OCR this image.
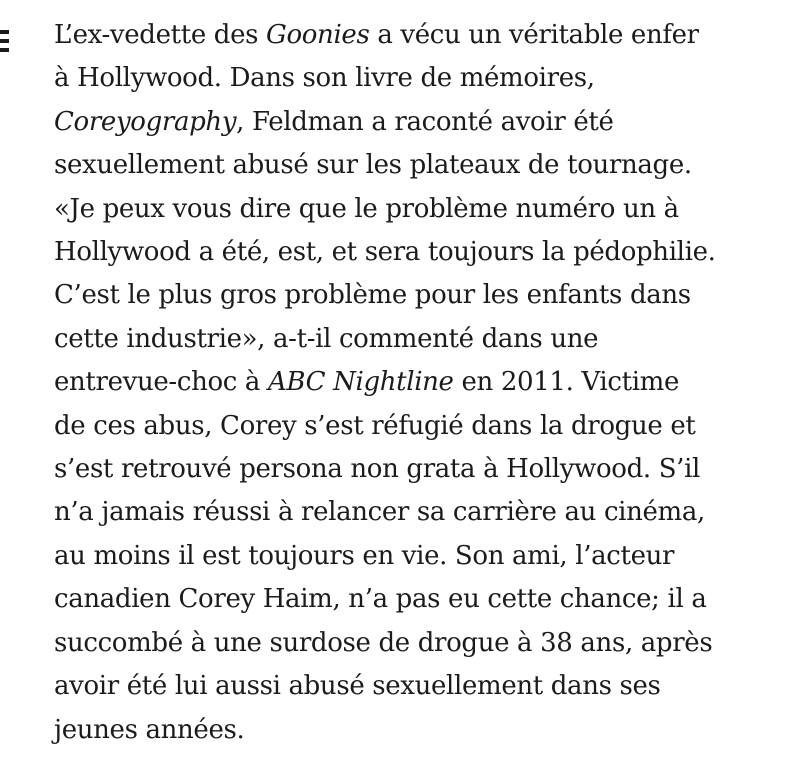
L’ex-vedette des Goonies a vécu un véritable enfer
à Hollywood. Dans son livre de mémoires,
Coreyography, Feldman a raconté avoir été
sexuellement abusé sur les plateaux de tournage.
«Je peux vous dire que le problème numéro un à
Hollywood a été, est, et sera toujours la pédophilie.
C’est le plus gros problème pour les enfants dans
cette industrie», a-t-il commenté dans une
entrevue-choc à ABC Nightline en 2011. Victime
de ces abus, Corey s’est réfugié dans la drogue et
s’est retrouvé persona non grata à Hollywood. S’il
n’a jamais réussi à relancer sa carrière au cinéma,
au moins il est toujours en vie. Son ami, l’acteur
canadien Corey Haim, n’a pas eu cette chance; il a
succombé à une surdose de drogue à 38 ans, après
avoir été lui aussi abusé sexuellement dans ses
jeunes années.
